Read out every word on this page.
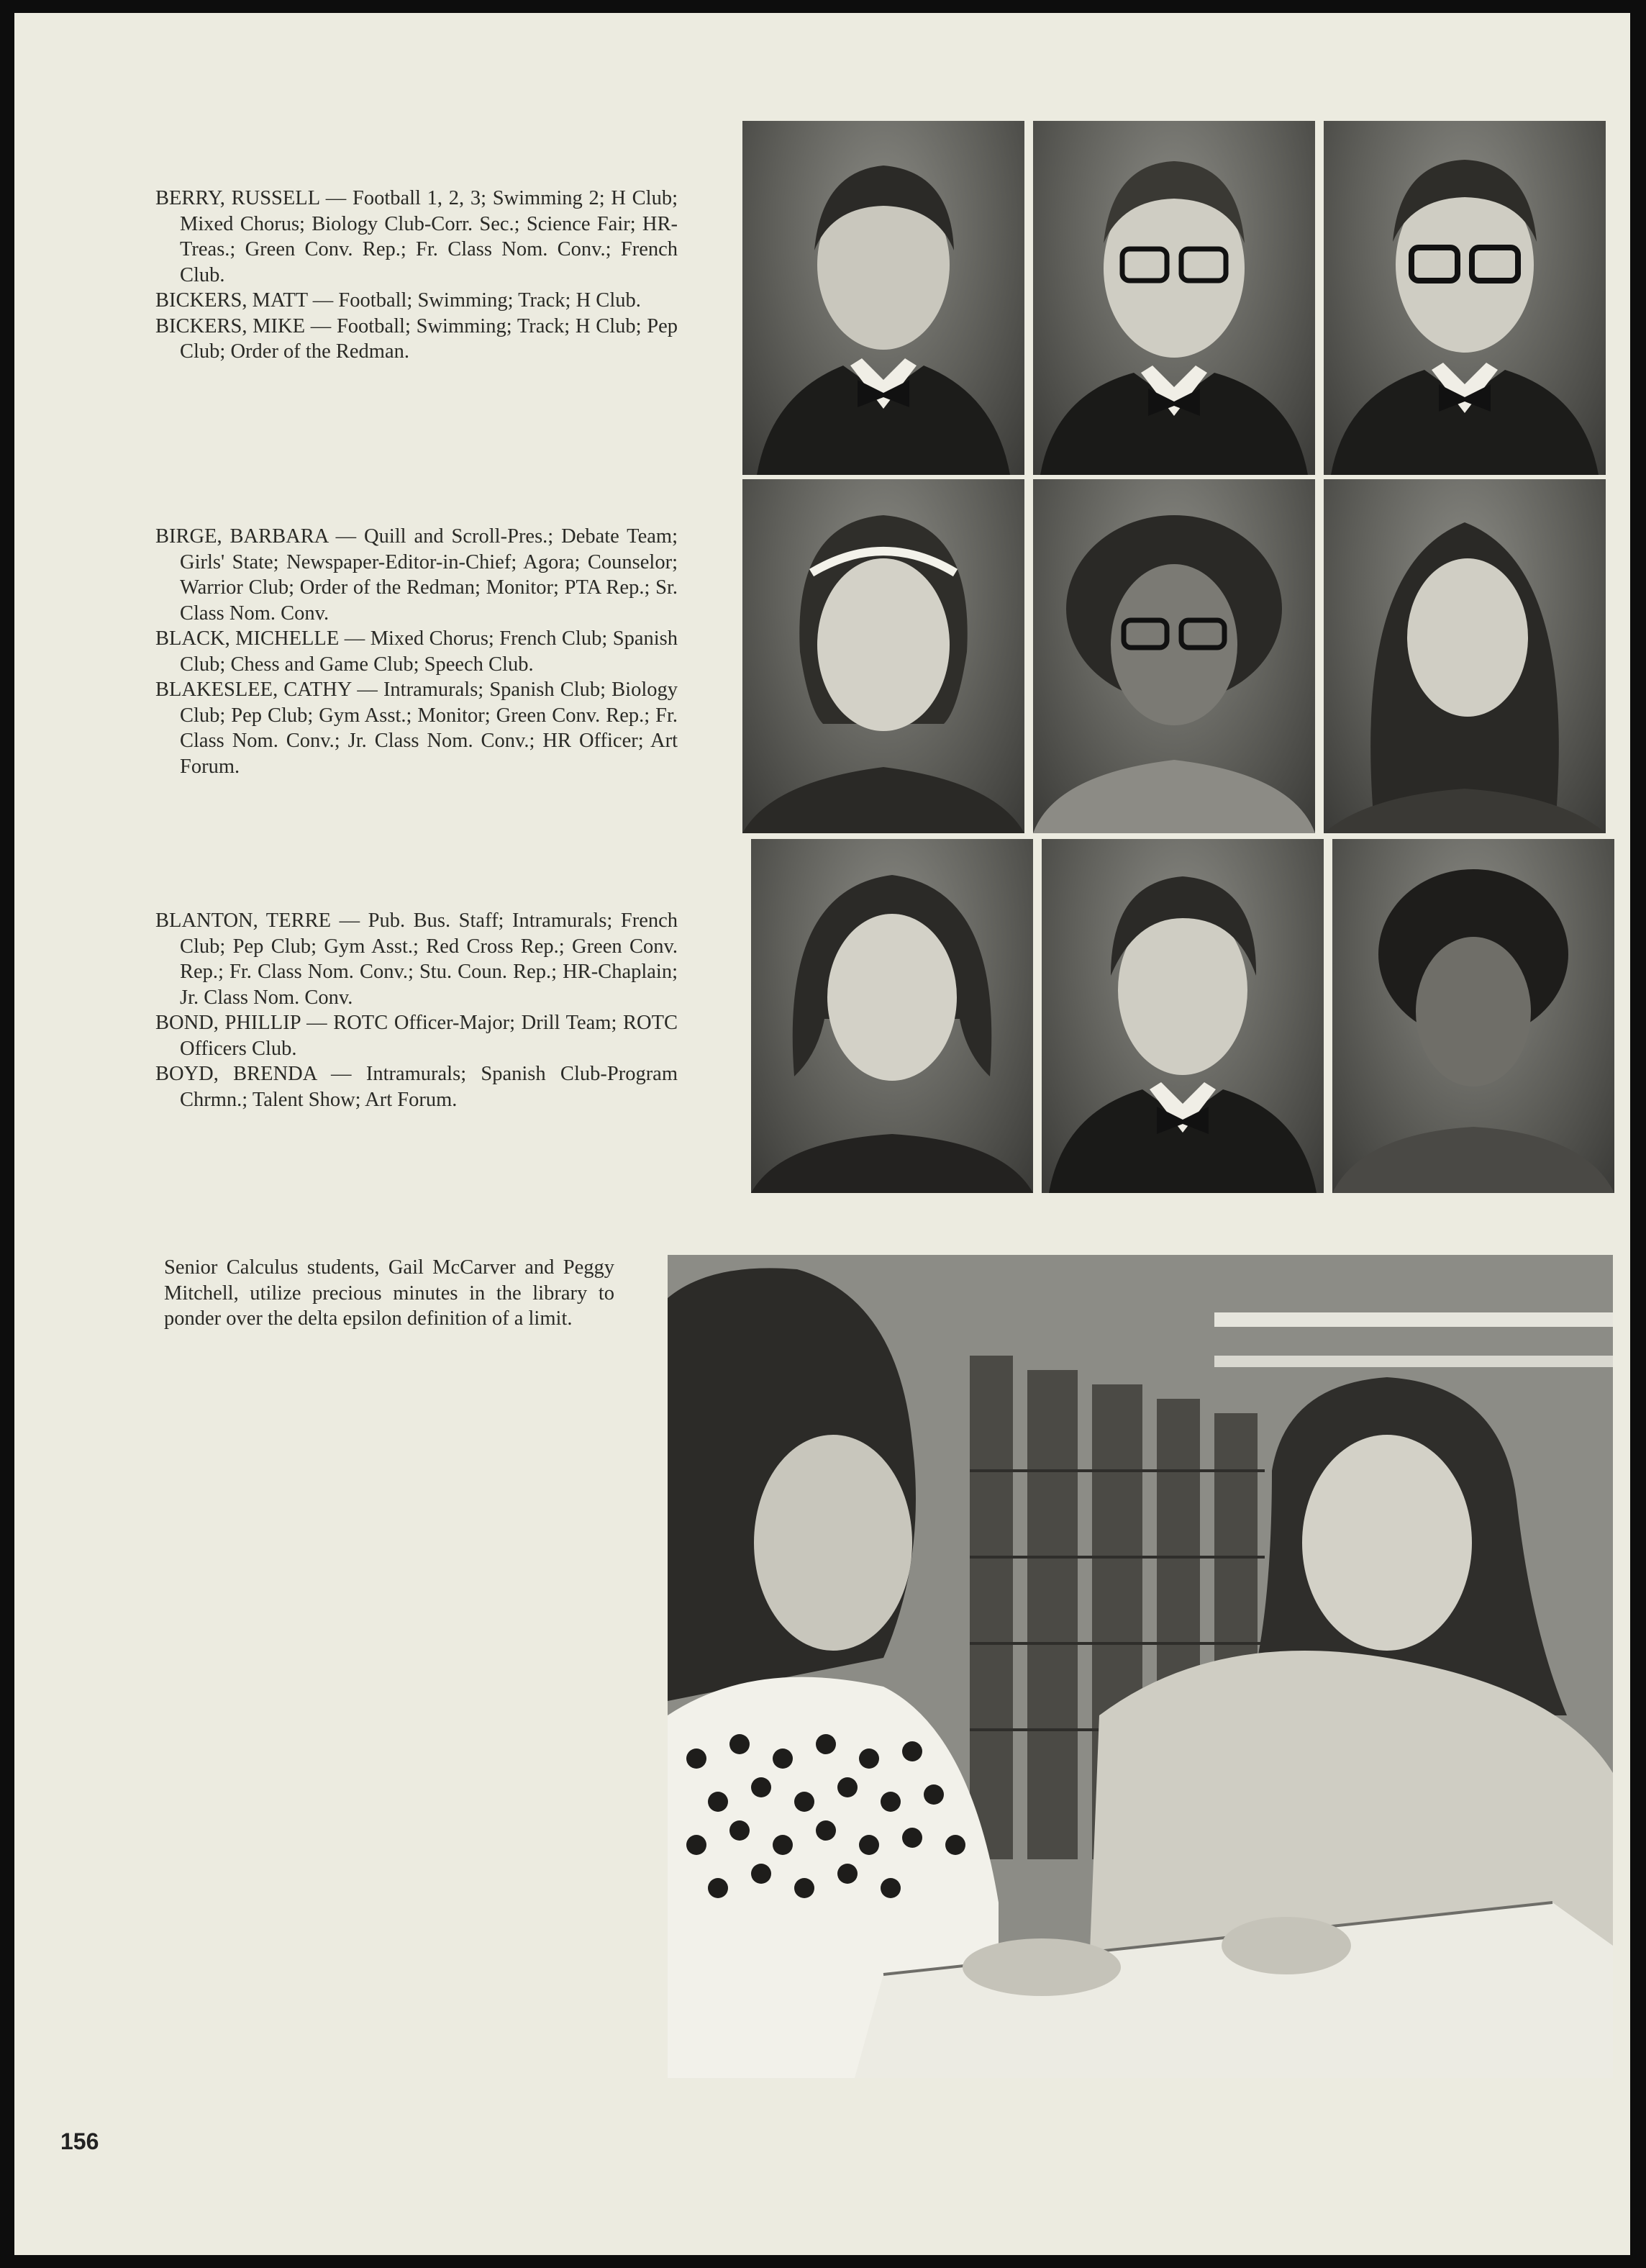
BERRY, RUSSELL — Football 1, 2, 3; Swimming 2; H Club; Mixed Chorus; Biology Club-Corr. Sec.; Science Fair; HR-Treas.; Green Conv. Rep.; Fr. Class Nom. Conv.; French Club.
BICKERS, MATT — Football; Swimming; Track; H Club.
BICKERS, MIKE — Football; Swimming; Track; H Club; Pep Club; Order of the Redman.
BIRGE, BARBARA — Quill and Scroll-Pres.; Debate Team; Girls' State; Newspaper-Editor-in-Chief; Agora; Counselor; Warrior Club; Order of the Redman; Monitor; PTA Rep.; Sr. Class Nom. Conv.
BLACK, MICHELLE — Mixed Chorus; French Club; Spanish Club; Chess and Game Club; Speech Club.
BLAKESLEE, CATHY — Intramurals; Spanish Club; Biology Club; Pep Club; Gym Asst.; Monitor; Green Conv. Rep.; Fr. Class Nom. Conv.; Jr. Class Nom. Conv.; HR Officer; Art Forum.
BLANTON, TERRE — Pub. Bus. Staff; Intramurals; French Club; Pep Club; Gym Asst.; Red Cross Rep.; Green Conv. Rep.; Fr. Class Nom. Conv.; Stu. Coun. Rep.; HR-Chaplain; Jr. Class Nom. Conv.
BOND, PHILLIP — ROTC Officer-Major; Drill Team; ROTC Officers Club.
BOYD, BRENDA — Intramurals; Spanish Club-Program Chrmn.; Talent Show; Art Forum.
Senior Calculus students, Gail McCarver and Peggy Mitchell, utilize precious minutes in the library to ponder over the delta epsilon definition of a limit.
156
